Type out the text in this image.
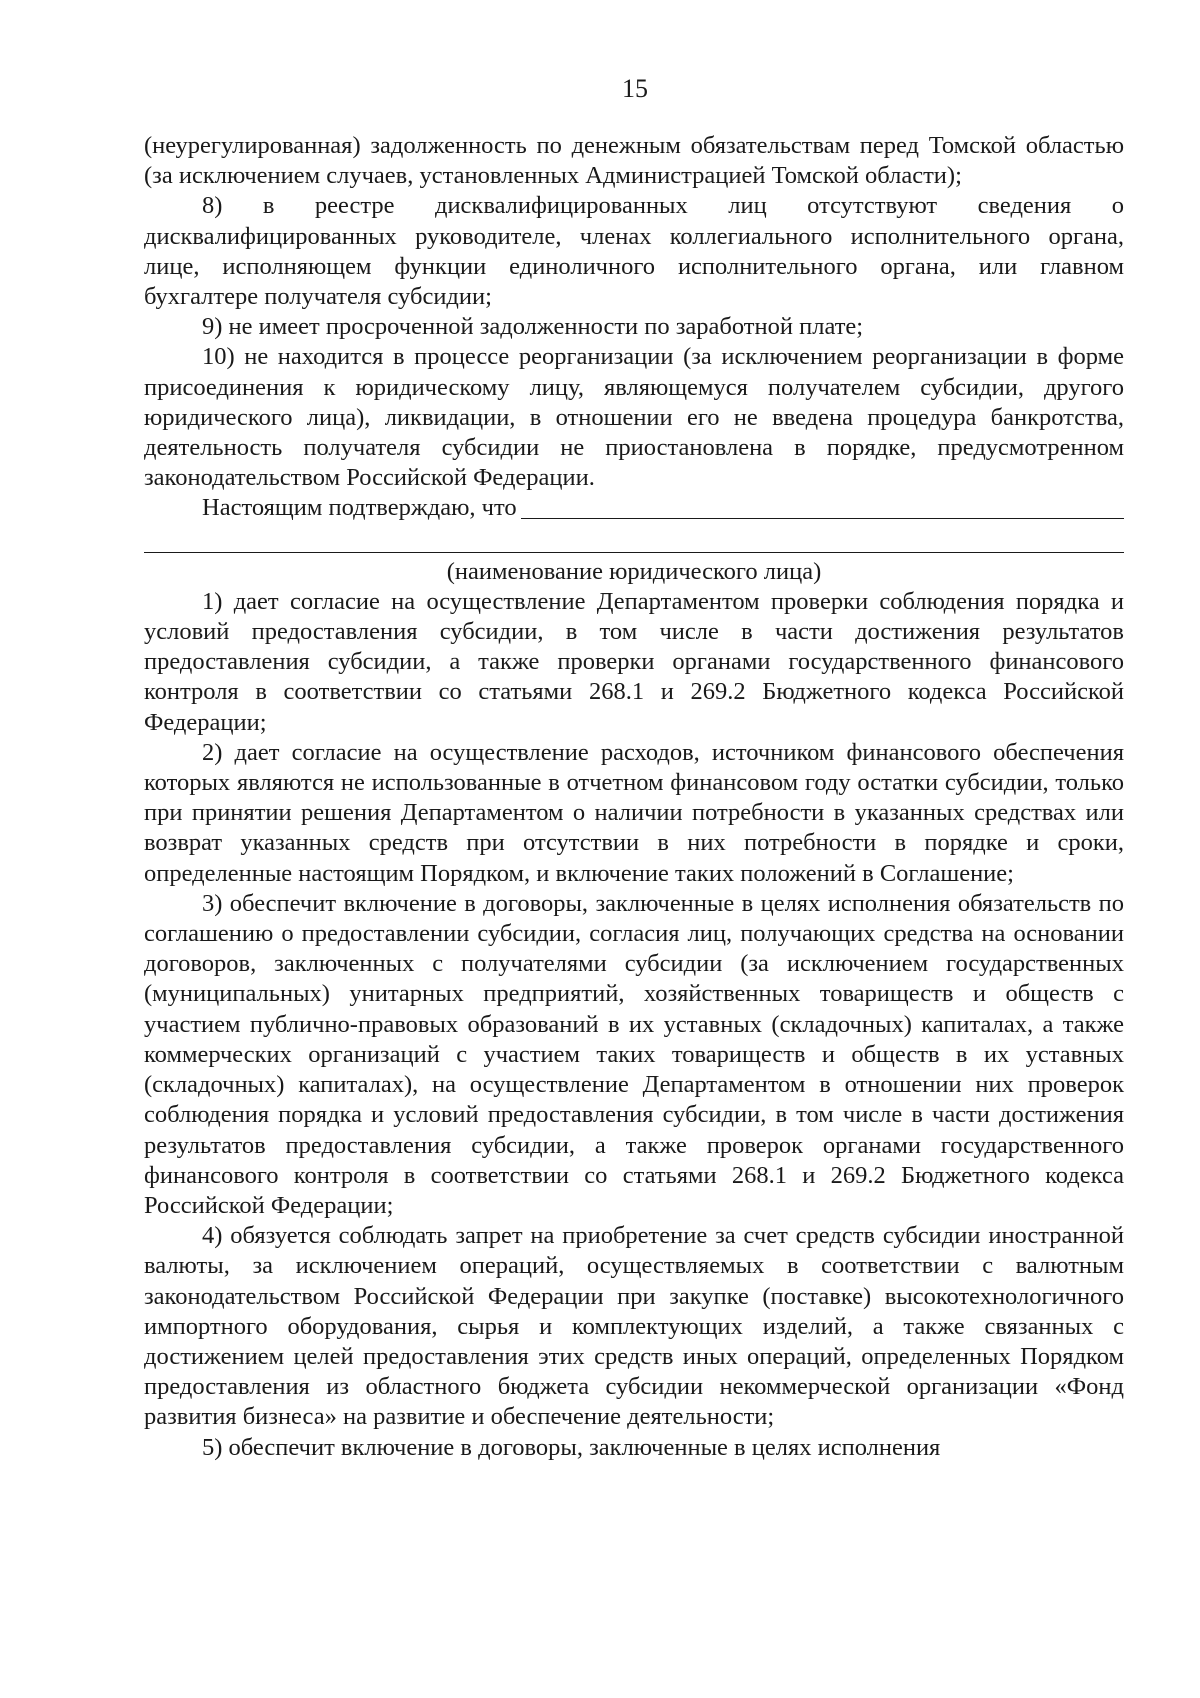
15

(неурегулированная) задолженность по денежным обязательствам перед Томской областью (за исключением случаев, установленных Администрацией Томской области);

8) в реестре дисквалифицированных лиц отсутствуют сведения о дисквалифицированных руководителе, членах коллегиального исполнительного органа, лице, исполняющем функции единоличного исполнительного органа, или главном бухгалтере получателя субсидии;

9) не имеет просроченной задолженности по заработной плате;

10) не находится в процессе реорганизации (за исключением реорганизации в форме присоединения к юридическому лицу, являющемуся получателем субсидии, другого юридического лица), ликвидации, в отношении его не введена процедура банкротства, деятельность получателя субсидии не приостановлена в порядке, предусмотренном законодательством Российской Федерации.

Настоящим подтверждаю, что

(наименование юридического лица)

1) дает согласие на осуществление Департаментом проверки соблюдения порядка и условий предоставления субсидии, в том числе в части достижения результатов предоставления субсидии, а также проверки органами государственного финансового контроля в соответствии со статьями 268.1 и 269.2 Бюджетного кодекса Российской Федерации;

2) дает согласие на осуществление расходов, источником финансового обеспечения которых являются не использованные в отчетном финансовом году остатки субсидии, только при принятии решения Департаментом о наличии потребности в указанных средствах или возврат указанных средств при отсутствии в них потребности в порядке и сроки, определенные настоящим Порядком, и включение таких положений в Соглашение;

3) обеспечит включение в договоры, заключенные в целях исполнения обязательств по соглашению о предоставлении субсидии, согласия лиц, получающих средства на основании договоров, заключенных с получателями субсидии (за исключением государственных (муниципальных) унитарных предприятий, хозяйственных товариществ и обществ с участием публично-правовых образований в их уставных (складочных) капиталах, а также коммерческих организаций с участием таких товариществ и обществ в их уставных (складочных) капиталах), на осуществление Департаментом в отношении них проверок соблюдения порядка и условий предоставления субсидии, в том числе в части достижения результатов предоставления субсидии, а также проверок органами государственного финансового контроля в соответствии со статьями 268.1 и 269.2 Бюджетного кодекса Российской Федерации;

4) обязуется соблюдать запрет на приобретение за счет средств субсидии иностранной валюты, за исключением операций, осуществляемых в соответствии с валютным законодательством Российской Федерации при закупке (поставке) высокотехнологичного импортного оборудования, сырья и комплектующих изделий, а также связанных с достижением целей предоставления этих средств иных операций, определенных Порядком предоставления из областного бюджета субсидии некоммерческой организации «Фонд развития бизнеса» на развитие и обеспечение деятельности;

5) обеспечит включение в договоры, заключенные в целях исполнения
